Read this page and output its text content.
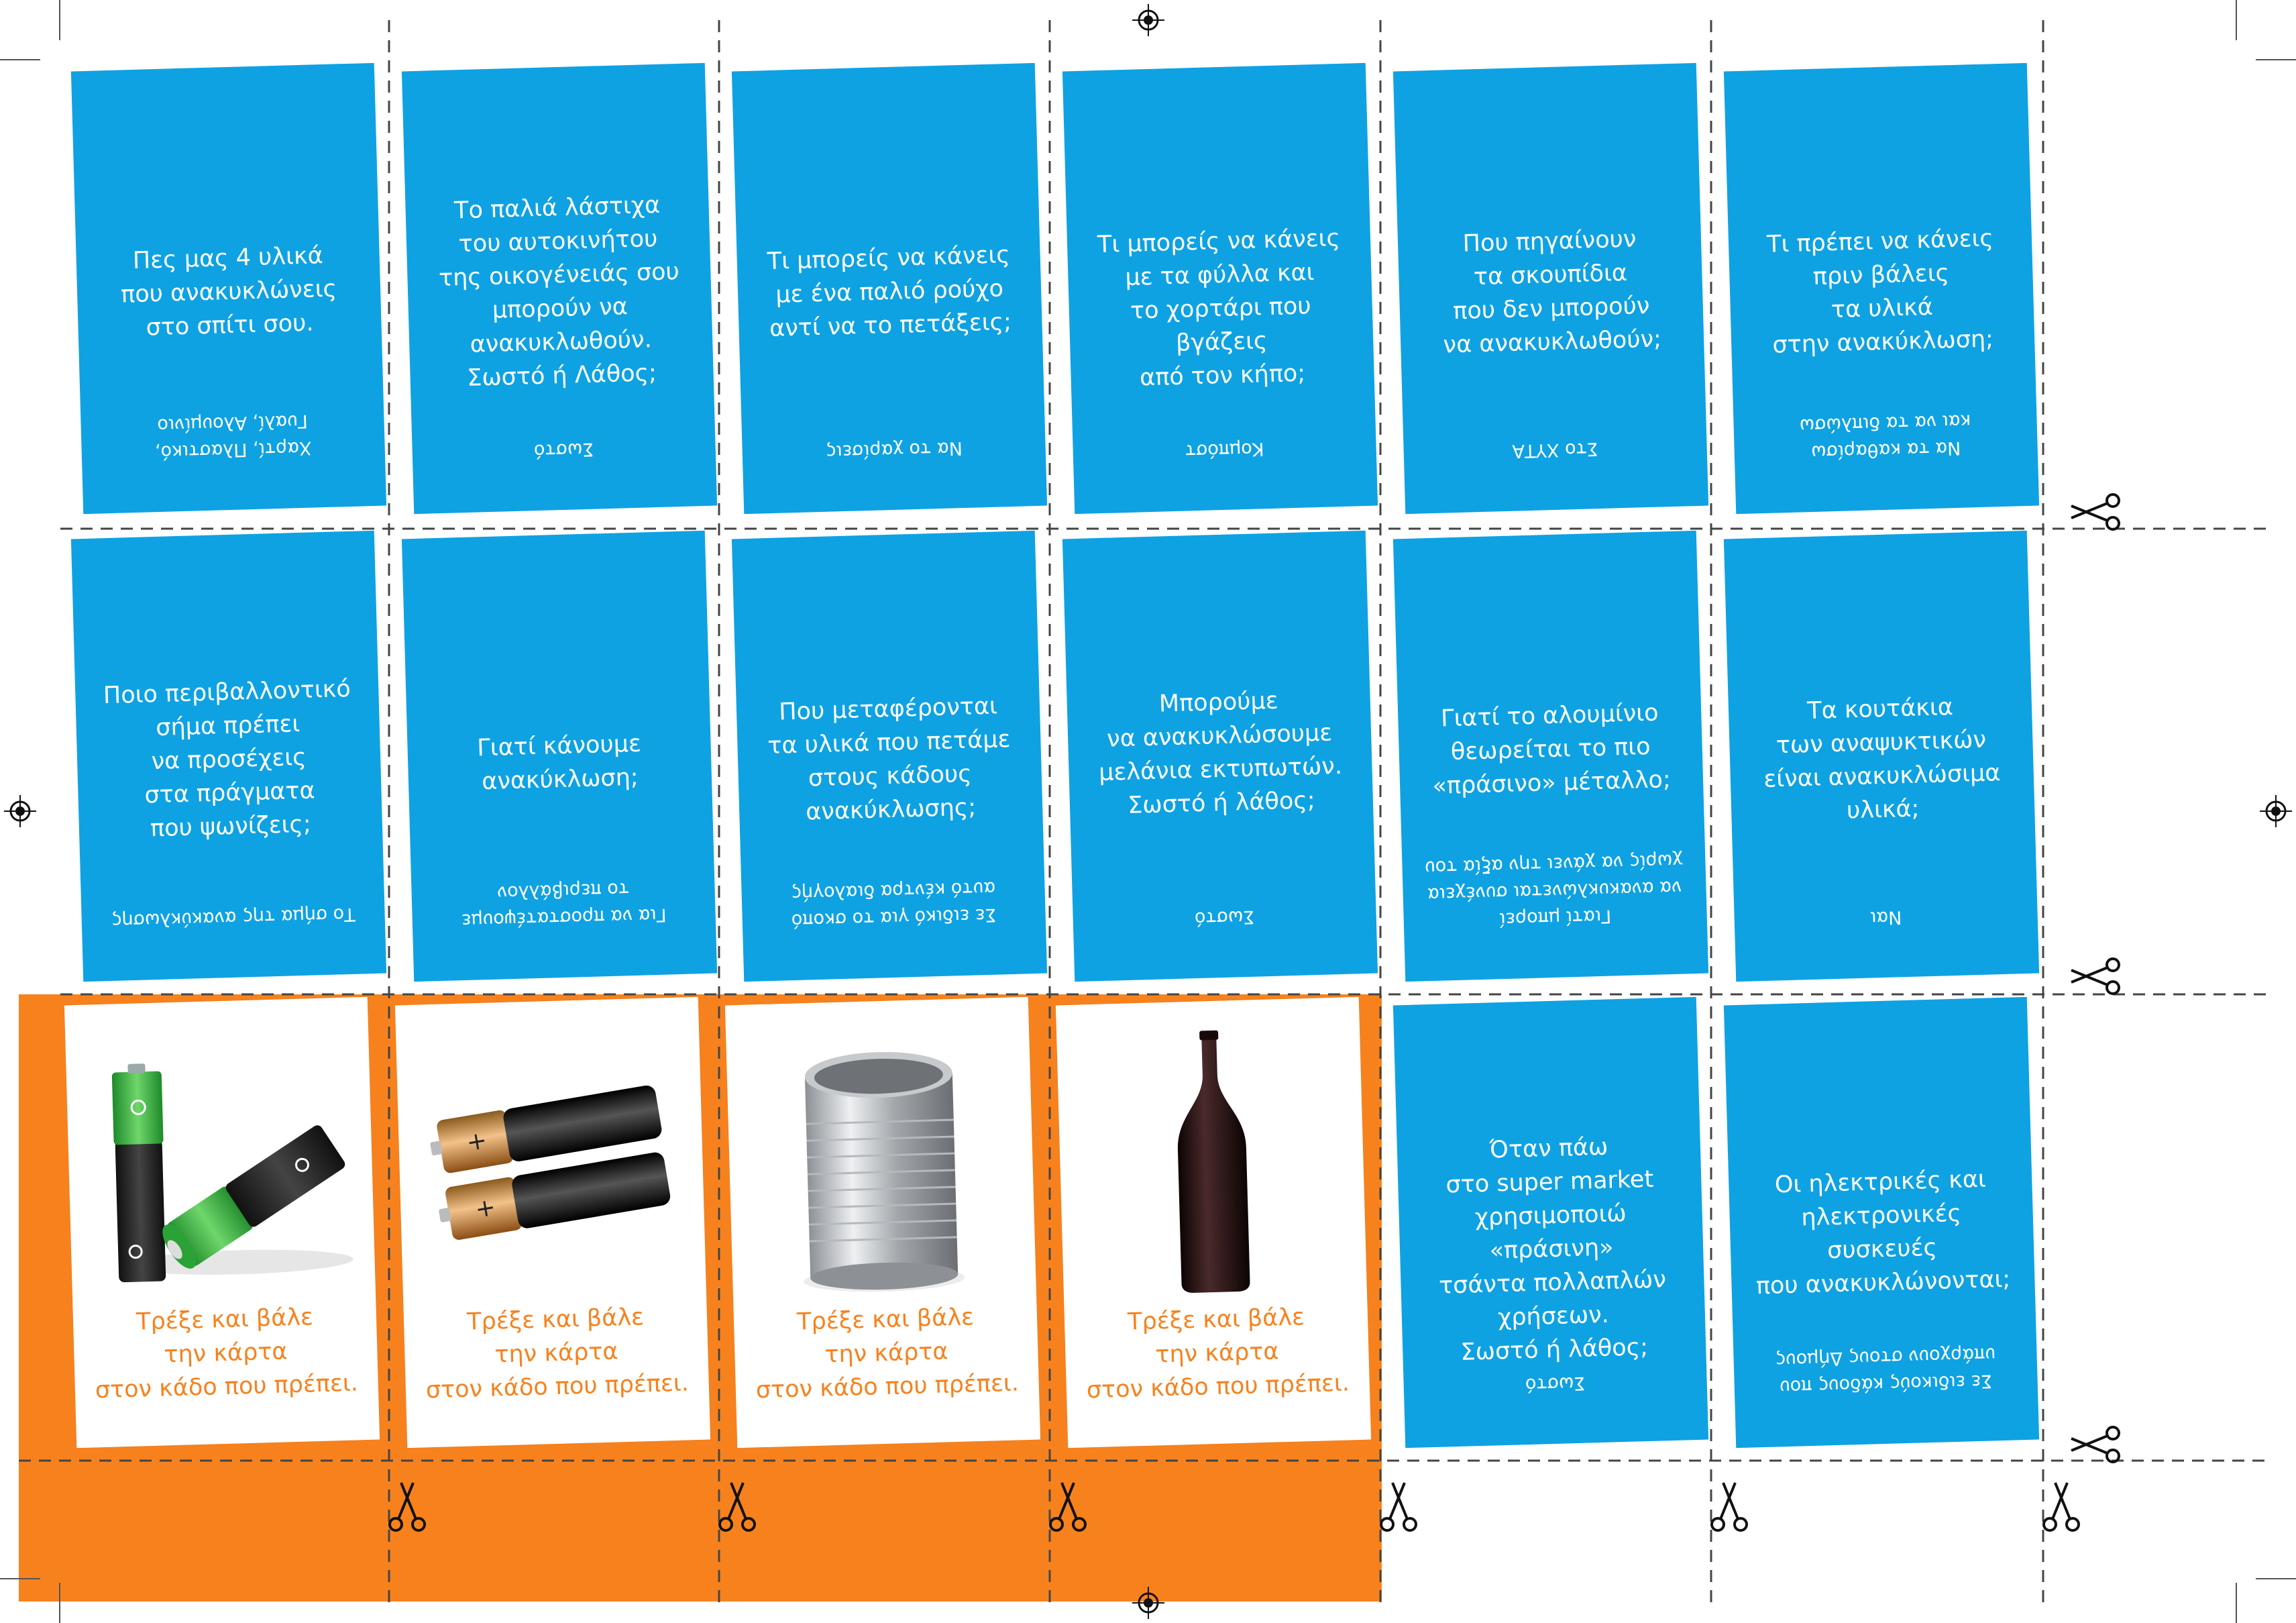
Πες μας 4 υλικά
που ανακυκλώνεις
στο σπίτι σου.
Χαρτί, Πλαστικό,
Γυαλί, Αλουμίνιο
Το παλιά λάστιχα
του αυτοκινήτου
της οικογένειάς σου
μπορούν να
ανακυκλωθούν.
Σωστό ή Λάθος;
Σωστό
Τι μπορείς να κάνεις
με ένα παλιό ρούχο
αντί να το πετάξεις;
Να το χαρίσεις
Τι μπορείς να κάνεις
με τα φύλλα και
το χορτάρι που βγάζεις
από τον κήπο;
Κομπόστ
Που πηγαίνουν
τα σκουπίδια
που δεν μπορούν
να ανακυκλωθούν;
Στο ΧΥΤΑ
Τι πρέπει να κάνεις
πριν βάλεις
τα υλικά
στην ανακύκλωση;
Να τα καθαρίσω
και να τα διπλώσω
Ποιο περιβαλλοντικό
σήμα πρέπει
να προσέχεις
στα πράγματα
που ψωνίζεις;
Το σήμα της ανακύκλωσης
Γιατί κάνουμε
ανακύκλωση;
Για να προστατέψουμε
το περιβάλλον
Που μεταφέρονται
τα υλικά που πετάμε
στους κάδους
ανακύκλωσης;
Σε ειδικό για το σκοπό
αυτό κέντρα διαλογής
Μπορούμε
να ανακυκλώσουμε
μελάνια εκτυπωτών.
Σωστό ή λάθος;
Σωστό
Γιατί το αλουμίνιο
θεωρείται το πιο
«πράσινο» μέταλλο;
Γιατί μπορεί
να ανακυκλώνεται συνέχεια
χωρίς να χάνει την αξία του
Τα κουτάκια
των αναψυκτικών
είναι ανακυκλώσιμα
υλικά;
Ναι
Τρέξε και βάλε
την κάρτα
στον κάδο που πρέπει.
+
+
Τρέξε και βάλε
την κάρτα
στον κάδο που πρέπει.
Τρέξε και βάλε
την κάρτα
στον κάδο που πρέπει.
Τρέξε και βάλε
την κάρτα
στον κάδο που πρέπει.
Όταν πάω
στο super market
χρησιμοποιώ «πράσινη»
τσάντα πολλαπλών
χρήσεων.
Σωστό ή λάθος;
Σωστό
Οι ηλεκτρικές και
ηλεκτρονικές συσκευές
που ανακυκλώνονται;
Σε ειδικούς κάδους που
υπάρχουν στους Δήμους
